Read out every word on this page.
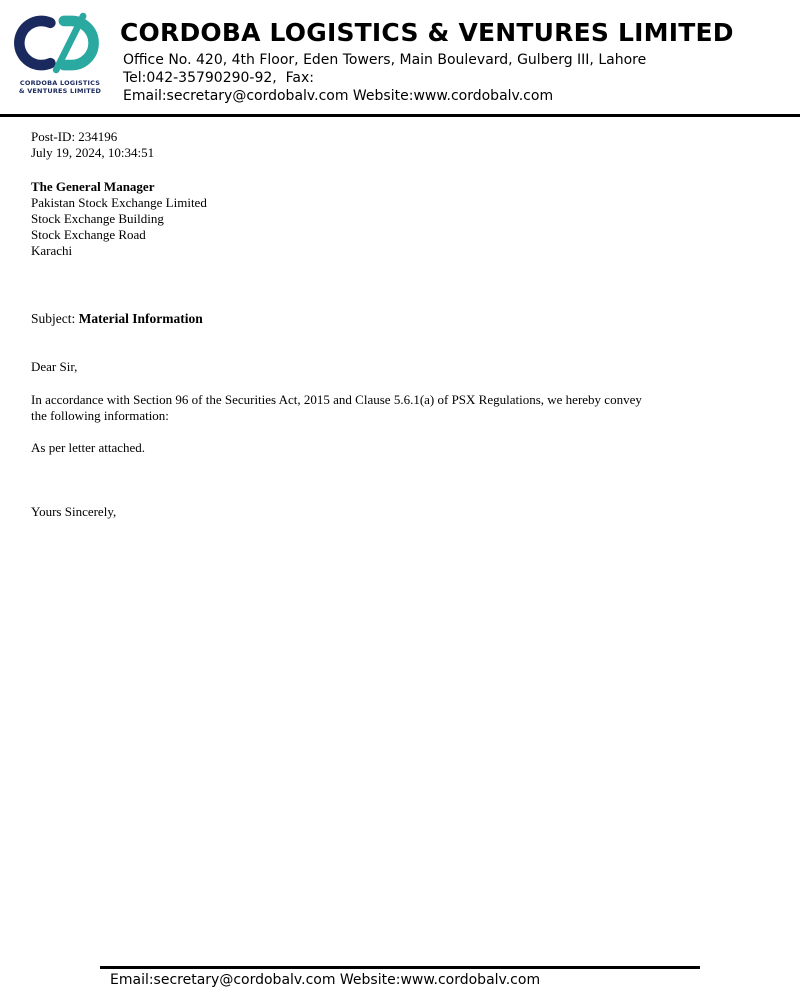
CORDOBA LOGISTICS
& VENTURES LIMITED
CORDOBA LOGISTICS & VENTURES LIMITED
Office No. 420, 4th Floor, Eden Towers, Main Boulevard, Gulberg III, Lahore
Tel:042-35790290-92,  Fax:
Email:secretary@cordobalv.com Website:www.cordobalv.com
Post-ID: 234196
July 19, 2024, 10:34:51
The General Manager
Pakistan Stock Exchange Limited
Stock Exchange Building
Stock Exchange Road
Karachi
Subject: Material Information
Dear Sir,

In accordance with Section 96 of the Securities Act, 2015 and Clause 5.6.1(a) of PSX Regulations, we hereby convey the following information:

As per letter attached.
Yours Sincerely,
Email:secretary@cordobalv.com Website:www.cordobalv.com
